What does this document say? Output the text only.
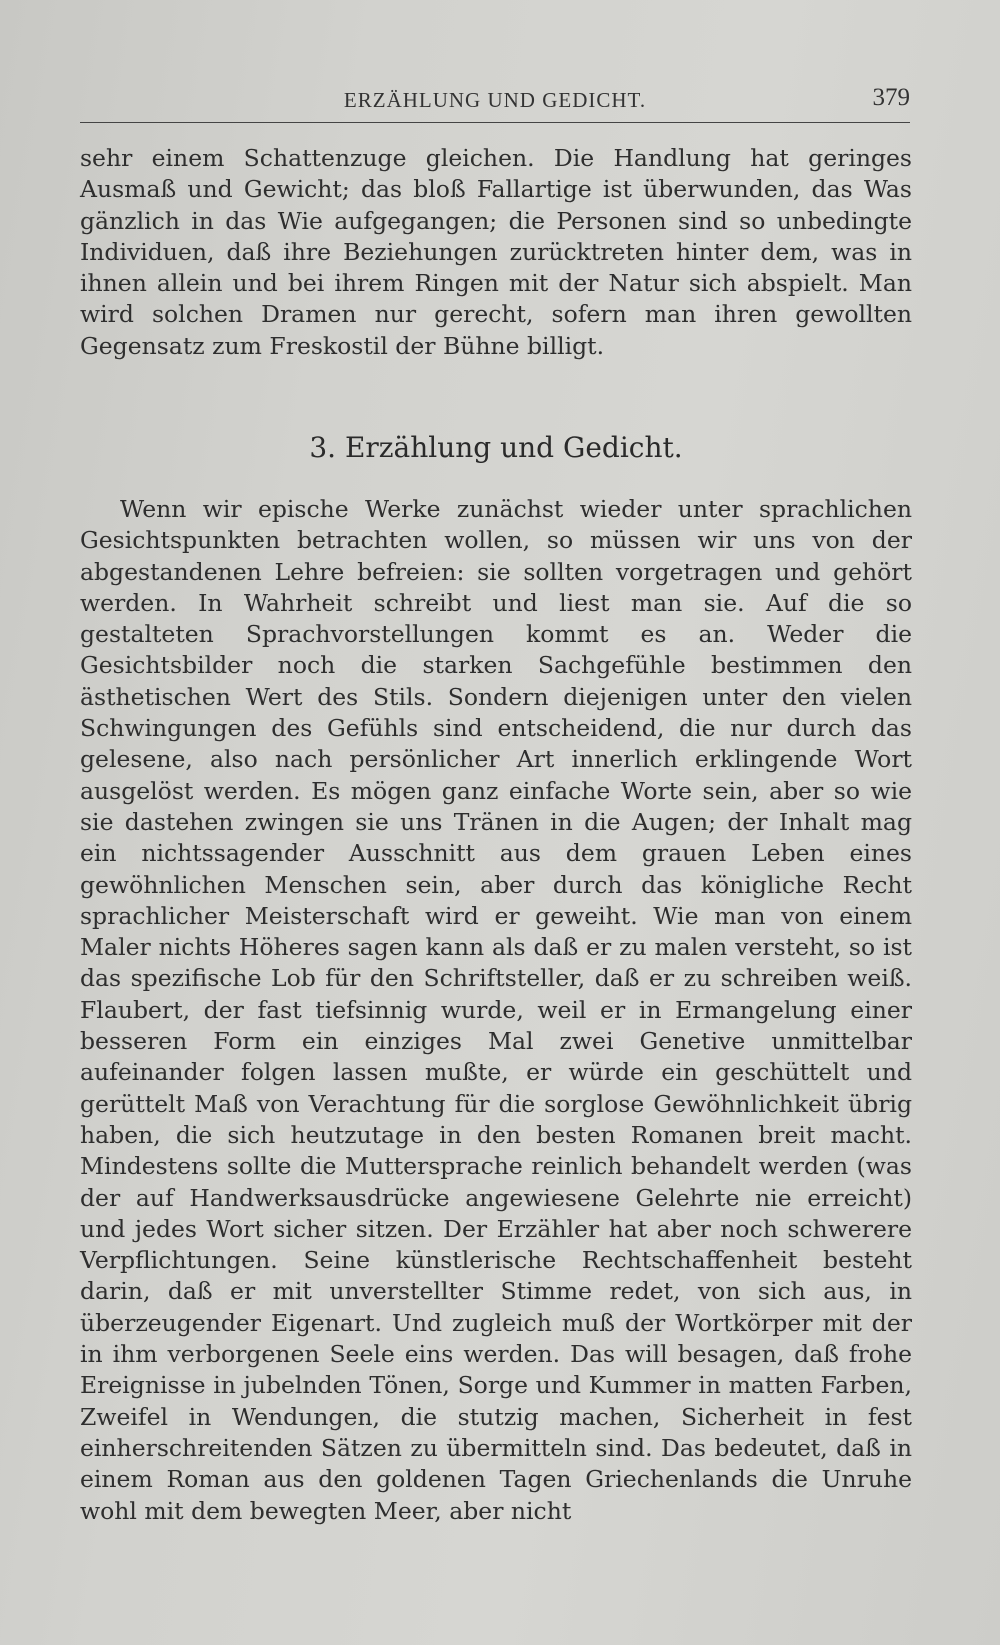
ERZÄHLUNG UND GEDICHT.	379

sehr einem Schattenzuge gleichen. Die Handlung hat geringes Ausmaß und Gewicht; das bloß Fallartige ist überwunden, das Was gänzlich in das Wie aufgegangen; die Personen sind so unbedingte Individuen, daß ihre Beziehungen zurücktreten hinter dem, was in ihnen allein und bei ihrem Ringen mit der Natur sich abspielt. Man wird solchen Dramen nur gerecht, sofern man ihren gewollten Gegensatz zum Freskostil der Bühne billigt.

3. Erzählung und Gedicht.

Wenn wir epische Werke zunächst wieder unter sprachlichen Gesichtspunkten betrachten wollen, so müssen wir uns von der abgestandenen Lehre befreien: sie sollten vorgetragen und gehört werden. In Wahrheit schreibt und liest man sie. Auf die so gestalteten Sprachvorstellungen kommt es an. Weder die Gesichtsbilder noch die starken Sachgefühle bestimmen den ästhetischen Wert des Stils. Sondern diejenigen unter den vielen Schwingungen des Gefühls sind entscheidend, die nur durch das gelesene, also nach persönlicher Art innerlich erklingende Wort ausgelöst werden. Es mögen ganz einfache Worte sein, aber so wie sie dastehen zwingen sie uns Tränen in die Augen; der Inhalt mag ein nichtssagender Ausschnitt aus dem grauen Leben eines gewöhnlichen Menschen sein, aber durch das königliche Recht sprachlicher Meisterschaft wird er geweiht. Wie man von einem Maler nichts Höheres sagen kann als daß er zu malen versteht, so ist das spezifische Lob für den Schriftsteller, daß er zu schreiben weiß. Flaubert, der fast tiefsinnig wurde, weil er in Ermangelung einer besseren Form ein einziges Mal zwei Genetive unmittelbar aufeinander folgen lassen mußte, er würde ein geschüttelt und gerüttelt Maß von Verachtung für die sorglose Gewöhnlichkeit übrig haben, die sich heutzutage in den besten Romanen breit macht. Mindestens sollte die Muttersprache reinlich behandelt werden (was der auf Handwerksausdrücke angewiesene Gelehrte nie erreicht) und jedes Wort sicher sitzen. Der Erzähler hat aber noch schwerere Verpflichtungen. Seine künstlerische Rechtschaffenheit besteht darin, daß er mit unverstellter Stimme redet, von sich aus, in überzeugender Eigenart. Und zugleich muß der Wortkörper mit der in ihm verborgenen Seele eins werden. Das will besagen, daß frohe Ereignisse in jubelnden Tönen, Sorge und Kummer in matten Farben, Zweifel in Wendungen, die stutzig machen, Sicherheit in fest einherschreitenden Sätzen zu übermitteln sind. Das bedeutet, daß in einem Roman aus den goldenen Tagen Griechenlands die Unruhe wohl mit dem bewegten Meer, aber nicht
